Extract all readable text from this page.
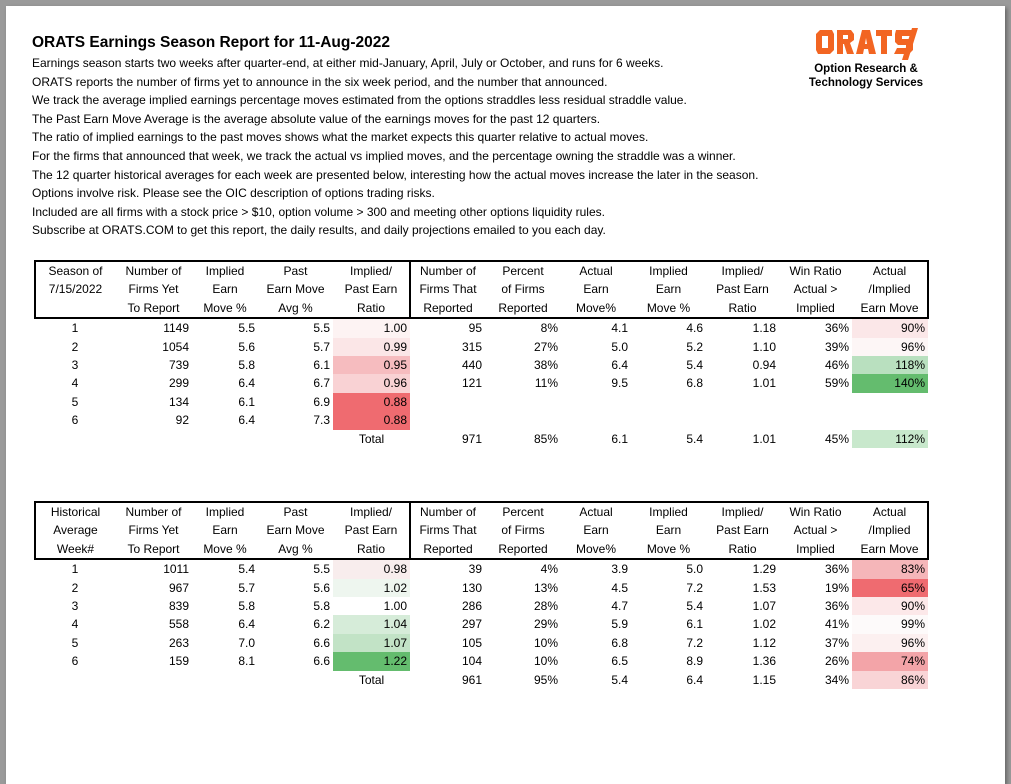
ORATS Earnings Season Report for 11-Aug-2022
Earnings season starts two weeks after quarter-end, at either mid-January, April, July or October, and runs for 6 weeks.
ORATS reports the number of firms yet to announce in the six week period, and the number that announced.
We track the average implied earnings percentage moves estimated from the options straddles less residual straddle value.
The Past Earn Move Average is the average absolute value of the earnings moves for the past 12 quarters.
The ratio of implied earnings to the past moves shows what the market expects this quarter relative to actual moves.
For the firms that announced that week, we track the actual vs implied moves, and the percentage owning the straddle was a winner.
The 12 quarter historical averages for each week are presented below, interesting how the actual moves increase the later in the season.
Options involve risk. Please see the OIC description of options trading risks.
Included are all firms with a stock price > $10, option volume > 300 and meeting other options liquidity rules.
Subscribe at ORATS.COM to get this report, the daily results, and daily projections emailed to you each day.
Option Research &
Technology Services
Season of	Number of	Implied	Past	Implied/	Number of	Percent	Actual	Implied	Implied/	Win Ratio	Actual
7/15/2022	Firms Yet	Earn	Earn Move	Past Earn	Firms That	of Firms	Earn	Earn	Past Earn	Actual >	/Implied
	To Report	Move %	Avg %	Ratio	Reported	Reported	Move%	Move %	Ratio	Implied	Earn Move
1	1149	5.5	5.5	1.00	95	8%	4.1	4.6	1.18	36%	90%
2	1054	5.6	5.7	0.99	315	27%	5.0	5.2	1.10	39%	96%
3	739	5.8	6.1	0.95	440	38%	6.4	5.4	0.94	46%	118%
4	299	6.4	6.7	0.96	121	11%	9.5	6.8	1.01	59%	140%
5	134	6.1	6.9	0.88							
6	92	6.4	7.3	0.88							
				Total	971	85%	6.1	5.4	1.01	45%	112%
Historical	Number of	Implied	Past	Implied/	Number of	Percent	Actual	Implied	Implied/	Win Ratio	Actual
Average	Firms Yet	Earn	Earn Move	Past Earn	Firms That	of Firms	Earn	Earn	Past Earn	Actual >	/Implied
Week#	To Report	Move %	Avg %	Ratio	Reported	Reported	Move%	Move %	Ratio	Implied	Earn Move
1	1011	5.4	5.5	0.98	39	4%	3.9	5.0	1.29	36%	83%
2	967	5.7	5.6	1.02	130	13%	4.5	7.2	1.53	19%	65%
3	839	5.8	5.8	1.00	286	28%	4.7	5.4	1.07	36%	90%
4	558	6.4	6.2	1.04	297	29%	5.9	6.1	1.02	41%	99%
5	263	7.0	6.6	1.07	105	10%	6.8	7.2	1.12	37%	96%
6	159	8.1	6.6	1.22	104	10%	6.5	8.9	1.36	26%	74%
				Total	961	95%	5.4	6.4	1.15	34%	86%
